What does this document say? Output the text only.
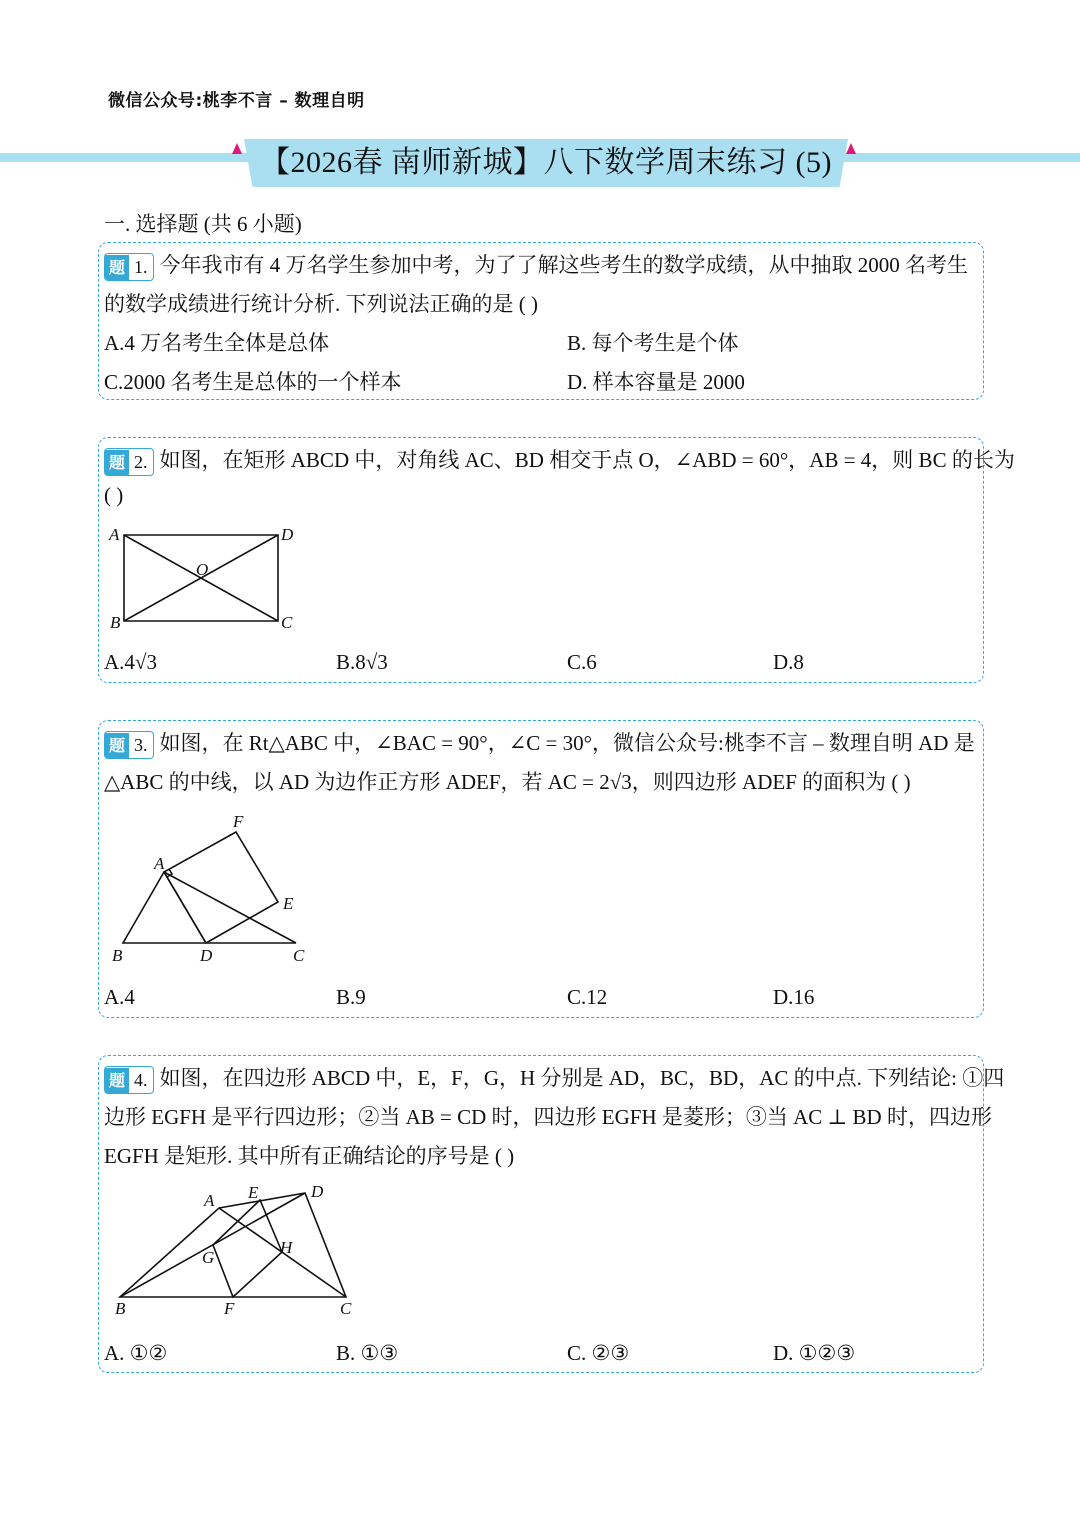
微信公众号:桃李不言 – 数理自明
【2026春 南师新城】八下数学周末练习 (5)
一. 选择题 (共 6 小题)
题 1. 今年我市有 4 万名学生参加中考，为了了解这些考生的数学成绩，从中抽取 2000 名考生
的数学成绩进行统计分析. 下列说法正确的是 ( )
A.4 万名考生全体是总体	B. 每个考生是个体
C.2000 名考生是总体的一个样本	D. 样本容量是 2000
题 2. 如图，在矩形 ABCD 中，对角线 AC、BD 相交于点 O，∠ABD = 60°，AB = 4，则 BC 的长为
( )
A	D
B	C
O
A.4√3	B.8√3	C.6	D.8
题 3. 如图，在 Rt△ABC 中，∠BAC = 90°，∠C = 30°，微信公众号:桃李不言 – 数理自明 AD 是
△ABC 的中线，以 AD 为边作正方形 ADEF，若 AC = 2√3，则四边形 ADEF 的面积为 ( )
A
F
E
B	D	C
A.4	B.9	C.12	D.16
题 4. 如图，在四边形 ABCD 中，E，F，G，H 分别是 AD，BC，BD，AC 的中点. 下列结论: ①四
边形 EGFH 是平行四边形；②当 AB = CD 时，四边形 EGFH 是菱形；③当 AC ⊥ BD 时，四边形
EGFH 是矩形. 其中所有正确结论的序号是 ( )
A E	D
G
H
B	F	C
A. ①②	B. ①③	C. ②③	D. ①②③
